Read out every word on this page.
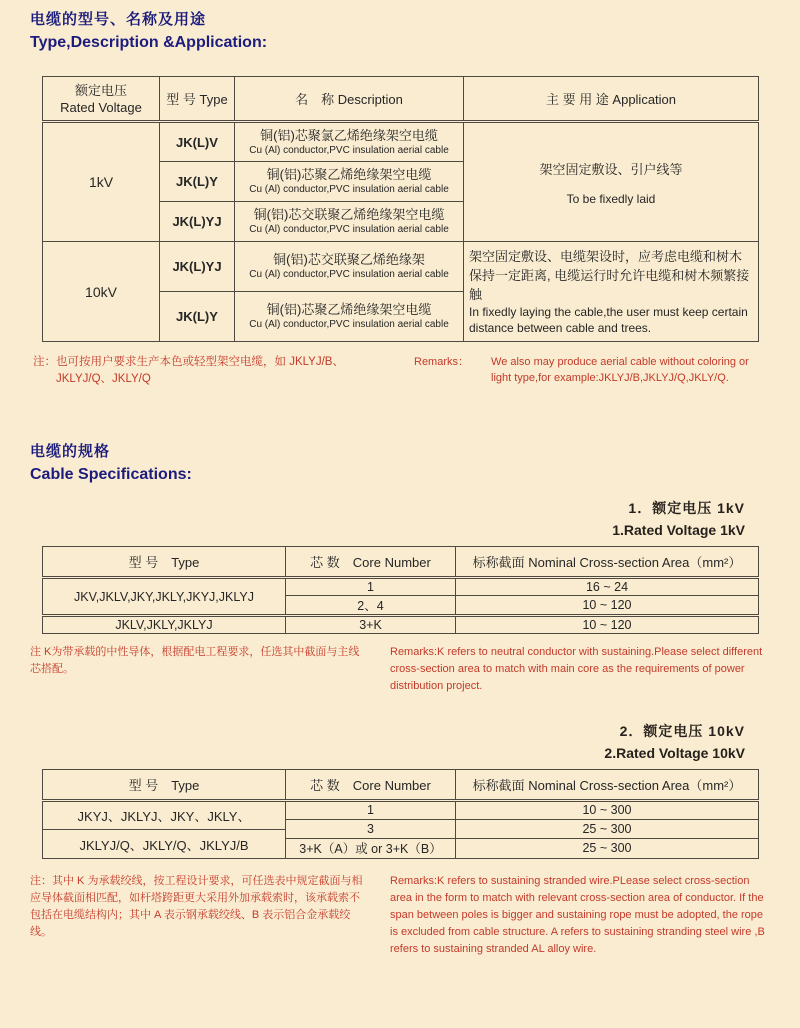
电缆的型号、名称及用途
Type,Description &Application:
额定电压
Rated Voltage	型 号 Type	名　称 Description	主 要 用 途 Application
1kV	JK(L)V	铜(铝)芯聚氯乙烯绝缘架空电缆
Cu (Al) conductor,PVC insulation aerial cable

架空固定敷设、引户线等
To be fixedly laid

	JK(L)Y	铜(铝)芯聚乙烯绝缘架空电缆
Cu (Al) conductor,PVC insulation aerial cable	

	JK(L)YJ	铜(铝)芯交联聚乙烯绝缘架空电缆
Cu (Al) conductor,PVC insulation aerial cable	

10kV	JK(L)YJ	铜(铝)芯交联聚乙烯绝缘架
Cu (Al) conductor,PVC insulation aerial cable

架空固定敷设、电缆架设时，应考虑电缆和树木保持一定距离, 电缆运行时允许电缆和树木频繁接触
In fixedly laying the cable,the user must keep certain distance between cable and trees.

	JK(L)Y	铜(铝)芯聚乙烯绝缘架空电缆
Cu (Al) conductor,PVC insulation aerial cable	
注： 也可按用户要求生产本色或轻型架空电缆，如 JKLYJ/B、JKLYJ/Q、JKLY/Q
Remarks： We also may produce aerial cable without coloring or light type,for example:JKLYJ/B,JKLYJ/Q,JKLY/Q.
电缆的规格
Cable Specifications:
1．额定电压 1kV
1.Rated Voltage 1kV
型 号　Type	芯 数　Core Number	标称截面 Nominal Cross-section Area（mm²）
JKV,JKLV,JKY,JKLY,JKYJ,JKLYJ	1	16 ~ 24
	2、4	10 ~ 120
JKLV,JKLY,JKLYJ	3+K	10 ~ 120
注 K为带承载的中性导体，根据配电工程要求，任选其中截面与主线芯搭配。
Remarks:K refers to neutral conductor with sustaining.Please select different cross-section area to match with main core as the requirements of power distribution project.
2．额定电压 10kV
2.Rated Voltage 10kV
型 号　Type	芯 数　Core Number	标称截面 Nominal Cross-section Area（mm²）

JKYJ、JKLYJ、JKY、JKLY、
JKLYJ/Q、JKLY/Q、JKLYJ/B	1	10 ~ 300
	3	25 ~ 300
	3+K（A）或 or 3+K（B）	25 ~ 300
注：其中 K 为承载绞线，按工程设计要求，可任选表中规定截面与相应导体截面相匹配，如杆塔跨距更大采用外加承载索时，该承载索不包括在电缆结构内；其中 A 表示钢承载绞线、B 表示铝合金承载绞线。
Remarks:K refers to sustaining stranded wire.PLease select cross-section area in the form to match with relevant cross-section area of conductor. If the span between poles is bigger and sustaining rope must be adopted, the rope is excluded from cable structure. A refers to sustaining stranding steel wire ,B refers to sustaining stranded AL alloy wire.
